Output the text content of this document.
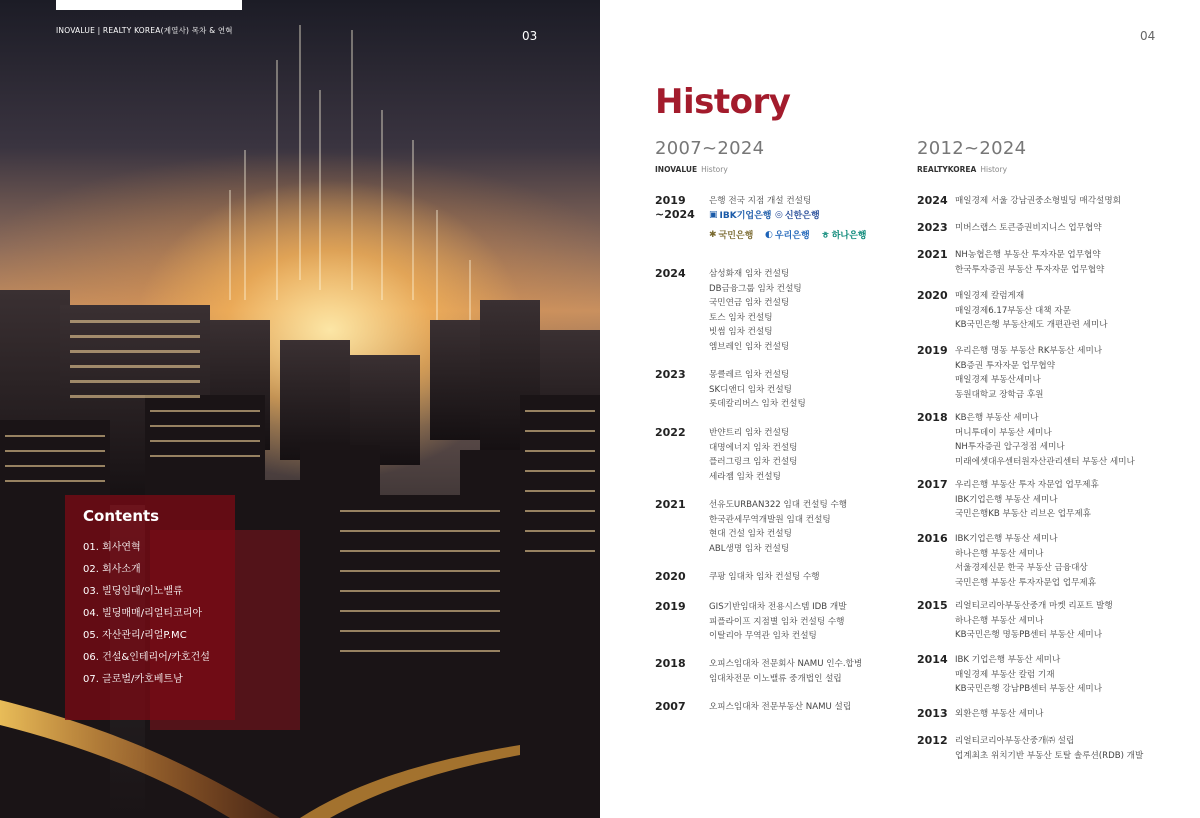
INOVALUE | REALTY KOREA(계열사) 목차 & 연혁	03
Contents
01. 회사연혁
02. 회사소개
03. 빌딩임대/이노밸류
04. 빌딩매매/리얼티코리아
05. 자산관리/리얼P.MC
06. 건설&인테리어/카호건설
07. 글로벌/카호베트남
04
History
2007~2024
INOVALUE History
2019
~2024
은행 전국 지점 개설 컨설팅
▣ IBK기업은행 ◎ 신한은행
✱ 국민은행 ◐ 우리은행 ㅎ 하나은행
2024	삼성화재 임차 컨설팅
DB금융그룹 임차 컨설팅
국민연금 임차 컨설팅
토스 임차 컨설팅
빗썸 임차 컨설팅
엠브레인 임차 컨설팅
2023	몽클레르 임차 컨설팅
SK디앤디 임차 컨설팅
롯데칼리버스 임차 컨설팅
2022	반얀트리 임차 컨설팅
대명에너지 임차 컨설팅
플러그링크 임차 컨설팅
세라젬 임차 컨설팅
2021	선유도URBAN322 임대 컨설팅 수행
한국관세무역개발원 임대 컨설팅
현대 건설 임차 컨설팅
ABL생명 임차 컨설팅
2020	쿠팡 임대차 임차 컨설팅 수행
2019	GIS기반임대차 전용시스템 IDB 개발
피플라이프 지점별 임차 컨설팅 수행
이탈리아 무역관 임차 컨설팅
2018	오피스임대차 전문회사 NAMU 인수.합병
임대차전문 이노밸류 중개법인 설립
2007	오피스임대차 전문부동산 NAMU 설립
2012~2024
REALTYKOREA History
2024 매일경제 서울 강남권중소형빌딩 매각설명회
2023 미버스랩스 토큰증권비지니스 업무협약
2021 NH농협은행 부동산 투자자문 업무협약
한국투자증권 부동산 투자자문 업무협약
2020 매일경제 칼럼게재
매일경제6.17부동산 대책 자문
KB국민은행 부동산제도 개편관련 세미나
2019 우리은행 명동 부동산 RK부동산 세미나
KB증권 투자자문 업무협약
매일경제 부동산세미나
동원대학교 장학금 후원
2018 KB은행 부동산 세미나
머니투데이 부동산 세미나
NH투자증권 압구정점 세미나
미래에셋대우센터원자산관리센터 부동산 세미나
2017 우리은행 부동산 투자 자문업 업무제휴
IBK기업은행 부동산 세미나
국민은행KB 부동산 리브온 업무제휴
2016 IBK기업은행 부동산 세미나
하나은행 부동산 세미나
서울경제신문 한국 부동산 금융대상
국민은행 부동산 투자자문업 업무제휴
2015 리얼티코리아부동산중개 마켓 리포트 발행
하나은행 부동산 세미나
KB국민은행 명동PB센터 부동산 세미나
2014 IBK 기업은행 부동산 세미나
매일경제 부동산 칼럼 기재
KB국민은행 강남PB센터 부동산 세미나
2013 외환은행 부동산 세미나
2012 리얼티코리아부동산중개㈜ 설립
업계최초 위치기반 부동산 토탈 솔루션(RDB) 개발
